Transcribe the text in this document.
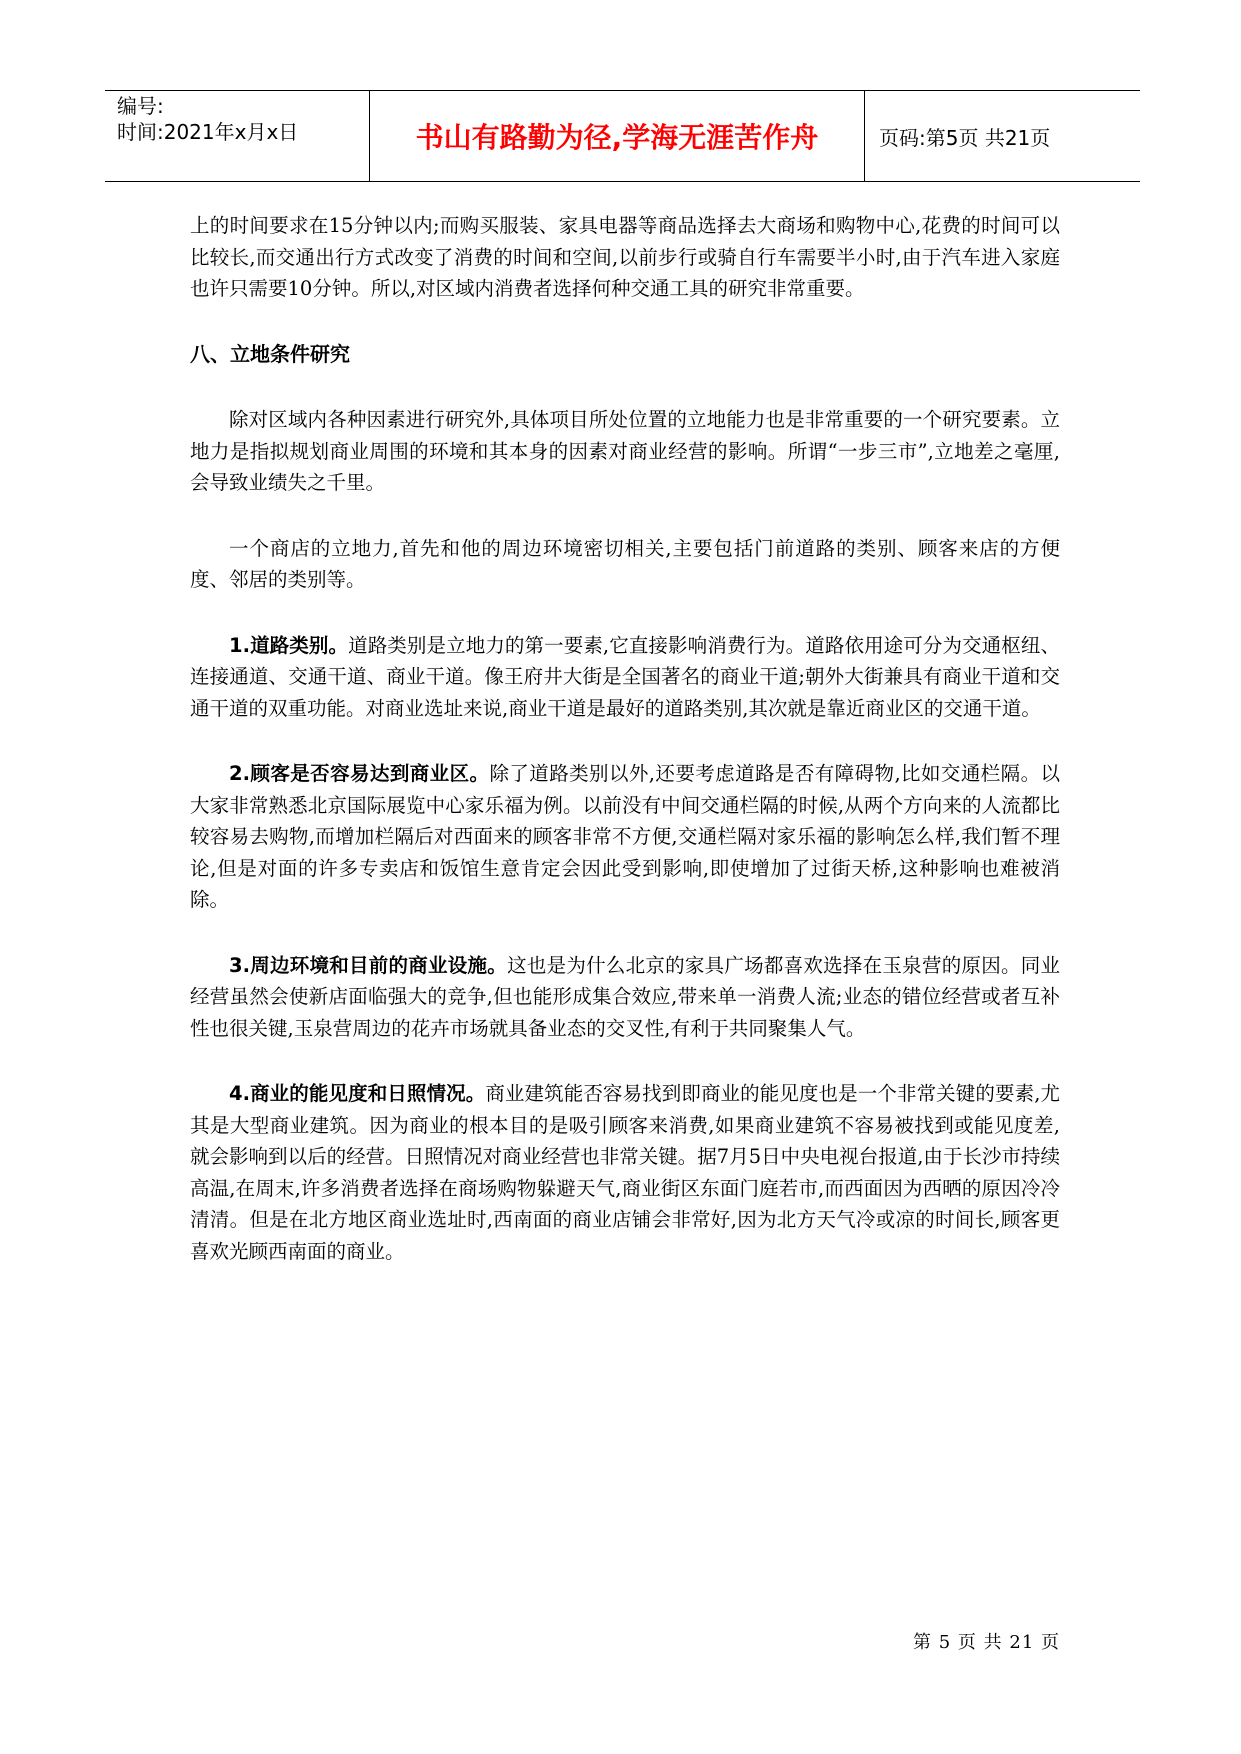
编号:
时间:2021年x月x日	书山有路勤为径,学海无涯苦作舟	页码:第5页 共21页

上的时间要求在15分钟以内;而购买服装、家具电器等商品选择去大商场和购物中心,花费的时间可以比较长,而交通出行方式改变了消费的时间和空间,以前步行或骑自行车需要半小时,由于汽车进入家庭也许只需要10分钟。所以,对区域内消费者选择何种交通工具的研究非常重要。

八、立地条件研究

除对区域内各种因素进行研究外,具体项目所处位置的立地能力也是非常重要的一个研究要素。立地力是指拟规划商业周围的环境和其本身的因素对商业经营的影响。所谓“一步三市”,立地差之毫厘,会导致业绩失之千里。

一个商店的立地力,首先和他的周边环境密切相关,主要包括门前道路的类别、顾客来店的方便度、邻居的类别等。

1.道路类别。道路类别是立地力的第一要素,它直接影响消费行为。道路依用途可分为交通枢纽、连接通道、交通干道、商业干道。像王府井大街是全国著名的商业干道;朝外大街兼具有商业干道和交通干道的双重功能。对商业选址来说,商业干道是最好的道路类别,其次就是靠近商业区的交通干道。

2.顾客是否容易达到商业区。除了道路类别以外,还要考虑道路是否有障碍物,比如交通栏隔。以大家非常熟悉北京国际展览中心家乐福为例。以前没有中间交通栏隔的时候,从两个方向来的人流都比较容易去购物,而增加栏隔后对西面来的顾客非常不方便,交通栏隔对家乐福的影响怎么样,我们暂不理论,但是对面的许多专卖店和饭馆生意肯定会因此受到影响,即使增加了过街天桥,这种影响也难被消除。

3.周边环境和目前的商业设施。这也是为什么北京的家具广场都喜欢选择在玉泉营的原因。同业经营虽然会使新店面临强大的竞争,但也能形成集合效应,带来单一消费人流;业态的错位经营或者互补性也很关键,玉泉营周边的花卉市场就具备业态的交叉性,有利于共同聚集人气。

4.商业的能见度和日照情况。商业建筑能否容易找到即商业的能见度也是一个非常关键的要素,尤其是大型商业建筑。因为商业的根本目的是吸引顾客来消费,如果商业建筑不容易被找到或能见度差,就会影响到以后的经营。日照情况对商业经营也非常关键。据7月5日中央电视台报道,由于长沙市持续高温,在周末,许多消费者选择在商场购物躲避天气,商业街区东面门庭若市,而西面因为西晒的原因冷冷清清。但是在北方地区商业选址时,西南面的商业店铺会非常好,因为北方天气冷或凉的时间长,顾客更喜欢光顾西南面的商业。

第 5 页 共 21 页
